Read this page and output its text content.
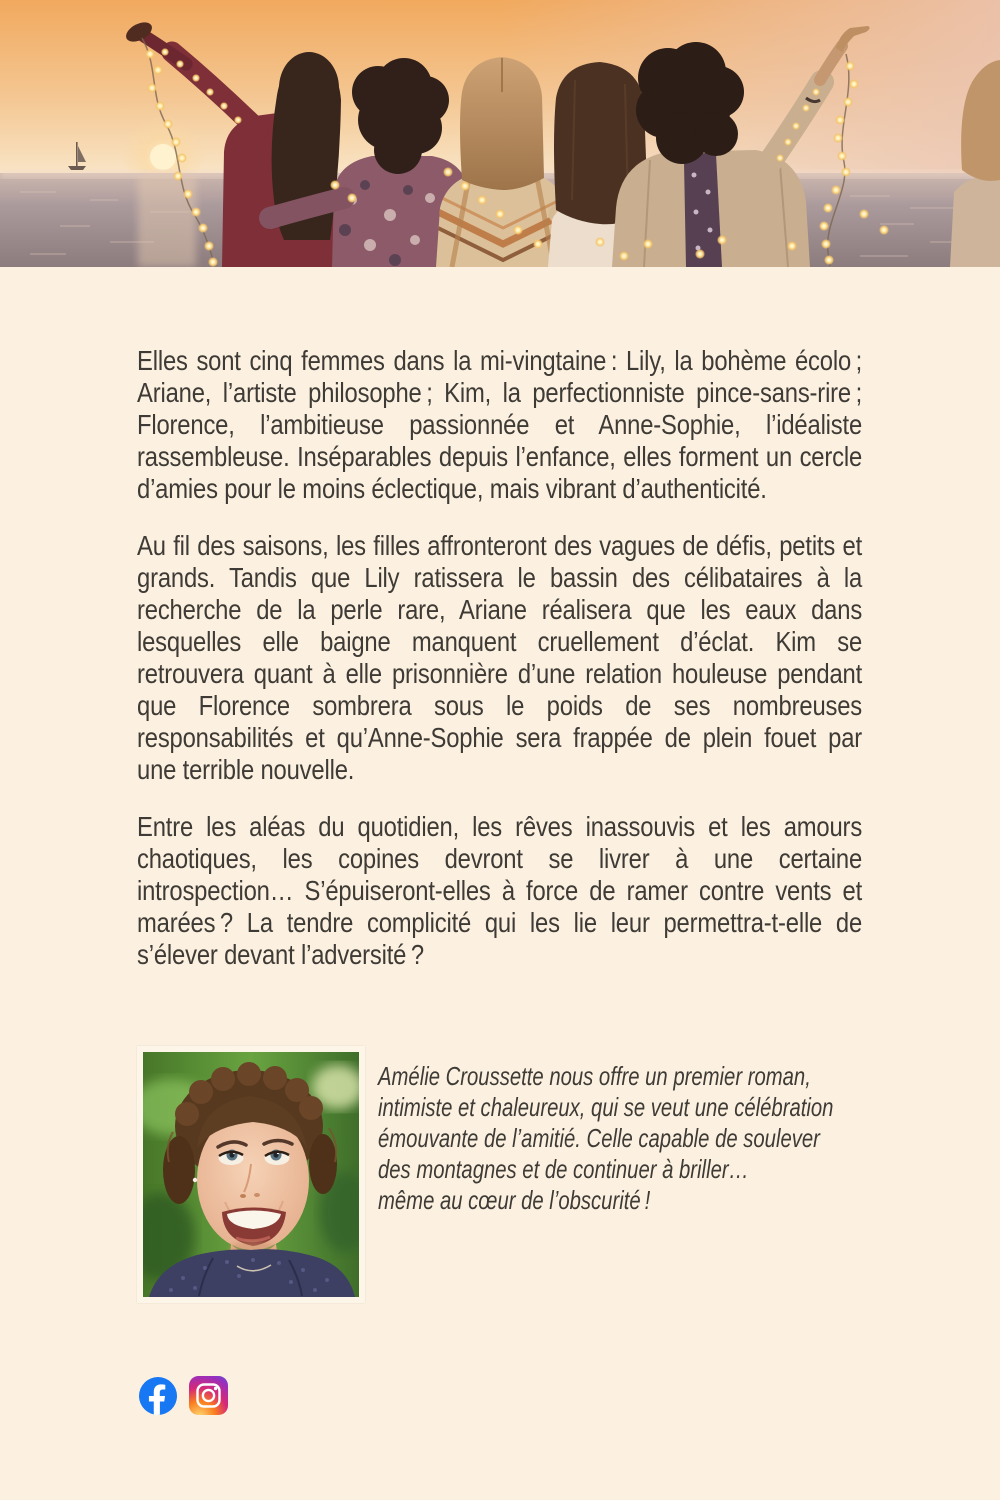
Elles sont cinq femmes dans la mi-vingtaine : Lily, la bohème écolo ; Ariane, l’artiste philosophe ; Kim, la perfectionniste pince-sans-rire ; Florence, l’ambitieuse passionnée et Anne-Sophie, l’idéaliste rassembleuse. Inséparables depuis l’enfance, elles forment un cercle d’amies pour le moins éclectique, mais vibrant d’authenticité.

Au fil des saisons, les filles affronteront des vagues de défis, petits et grands. Tandis que Lily ratissera le bassin des célibataires à la recherche de la perle rare, Ariane réalisera que les eaux dans lesquelles elle baigne manquent cruellement d’éclat. Kim se retrouvera quant à elle prisonnière d’une relation houleuse pendant que Florence sombrera sous le poids de ses nombreuses responsabilités et qu’Anne-Sophie sera frappée de plein fouet par une terrible nouvelle.

Entre les aléas du quotidien, les rêves inassouvis et les amours chaotiques, les copines devront se livrer à une certaine introspection… S’épuiseront-elles à force de ramer contre vents et marées ? La tendre complicité qui les lie leur permettra-t-elle de s’élever devant l’adversité ?

Amélie Croussette nous offre un premier roman,
intimiste et chaleureux, qui se veut une célébration
émouvante de l’amitié. Celle capable de soulever
des montagnes et de continuer à briller…
même au cœur de l’obscurité !
